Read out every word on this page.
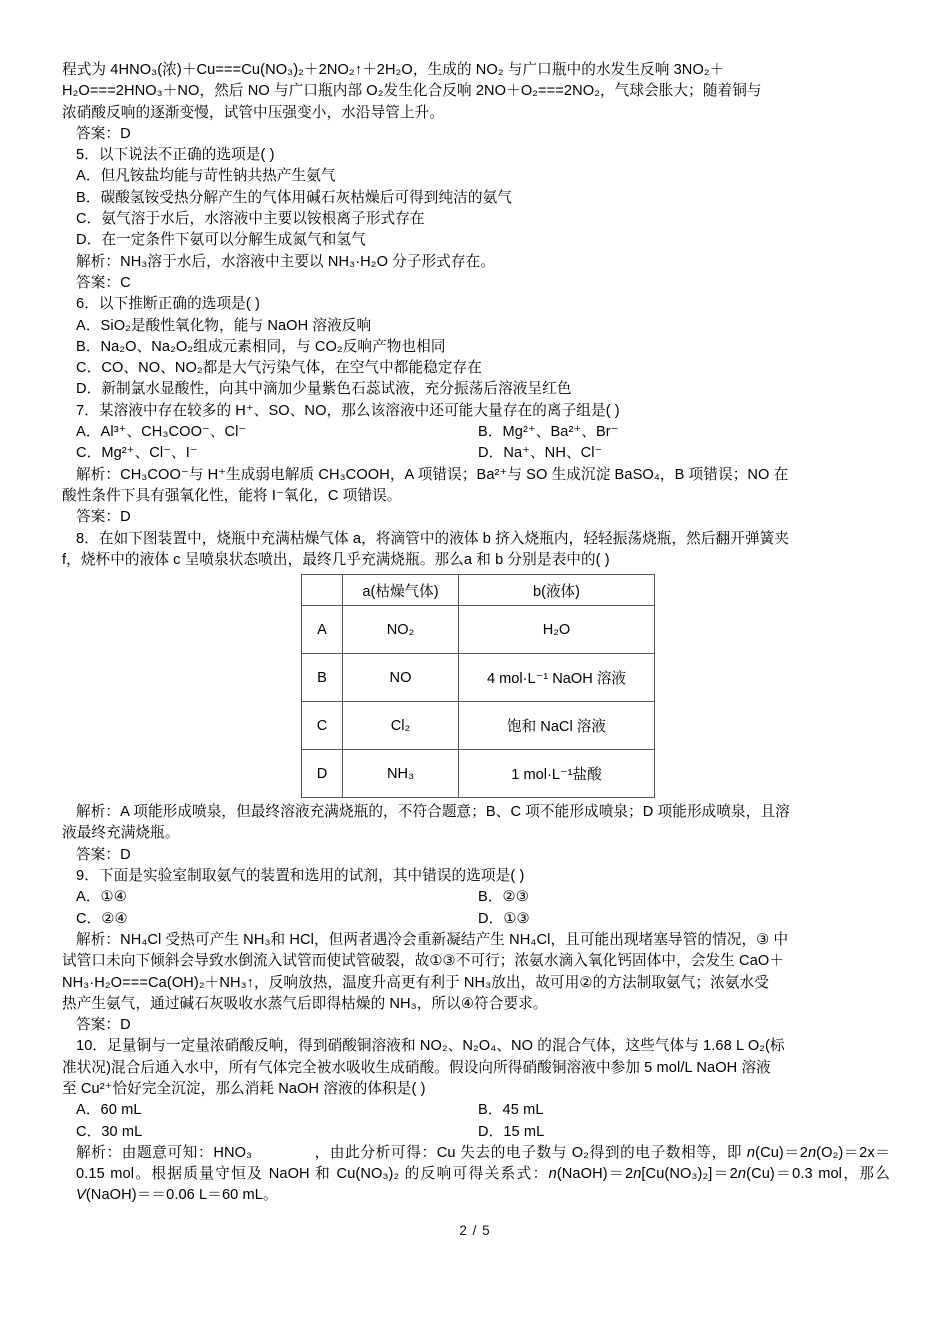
程式为 4HNO₃(浓)＋Cu===Cu(NO₃)₂＋2NO₂↑＋2H₂O，生成的 NO₂ 与广口瓶中的水发生反响 3NO₂＋
H₂O===2HNO₃＋NO，然后 NO 与广口瓶内部 O₂发生化合反响 2NO＋O₂===2NO₂，气球会胀大；随着铜与
浓硝酸反响的逐渐变慢，试管中压强变小，水沿导管上升。
答案：D
5．以下说法不正确的选项是( )
A．但凡铵盐均能与苛性钠共热产生氨气
B．碳酸氢铵受热分解产生的气体用碱石灰枯燥后可得到纯洁的氨气
C．氨气溶于水后，水溶液中主要以铵根离子形式存在
D．在一定条件下氨可以分解生成氮气和氢气
解析：NH₃溶于水后，水溶液中主要以 NH₃·H₂O 分子形式存在。
答案：C
6．以下推断正确的选项是( )
A．SiO₂是酸性氧化物，能与 NaOH 溶液反响
B．Na₂O、Na₂O₂组成元素相同，与 CO₂反响产物也相同
C．CO、NO、NO₂都是大气污染气体，在空气中都能稳定存在
D．新制氯水显酸性，向其中滴加少量紫色石蕊试液，充分振荡后溶液呈红色
7．某溶液中存在较多的 H⁺、SO、NO，那么该溶液中还可能大量存在的离子组是( )
A．Al³⁺、CH₃COO⁻、Cl⁻	B．Mg²⁺、Ba²⁺、Br⁻
C．Mg²⁺、Cl⁻、I⁻	D．Na⁺、NH、Cl⁻
解析：CH₃COO⁻与 H⁺生成弱电解质 CH₃COOH，A 项错误；Ba²⁺与 SO 生成沉淀 BaSO₄，B 项错误；NO 在
酸性条件下具有强氧化性，能将 I⁻氧化，C 项错误。
答案：D
8．在如下图装置中，烧瓶中充满枯燥气体 a，将滴管中的液体 b 挤入烧瓶内，轻轻振荡烧瓶，然后翻开弹簧夹
f，烧杯中的液体 c 呈喷泉状态喷出，最终几乎充满烧瓶。那么a 和 b 分别是表中的( )
	a(枯燥气体)	b(液体)
A	NO₂	H₂O
B	NO	4 mol·L⁻¹ NaOH 溶液
C	Cl₂	饱和 NaCl 溶液
D	NH₃	1 mol·L⁻¹盐酸
解析：A 项能形成喷泉，但最终溶液充满烧瓶的，不符合题意；B、C 项不能形成喷泉；D 项能形成喷泉，且溶
液最终充满烧瓶。
答案：D
9．下面是实验室制取氨气的装置和选用的试剂，其中错误的选项是( )
A．①④	B．②③
C．②④	D．①③
解析：NH₄Cl 受热可产生 NH₃和 HCl，但两者遇冷会重新凝结产生 NH₄Cl，且可能出现堵塞导管的情况，③ 中
试管口未向下倾斜会导致水倒流入试管而使试管破裂，故①③不可行；浓氨水滴入氧化钙固体中，会发生 CaO＋
NH₃·H₂O===Ca(OH)₂＋NH₃↑，反响放热，温度升高更有利于 NH₃放出，故可用②的方法制取氨气；浓氨水受
热产生氨气，通过碱石灰吸收水蒸气后即得枯燥的 NH₃，所以④符合要求。
答案：D
10．足量铜与一定量浓硝酸反响，得到硝酸铜溶液和 NO₂、N₂O₄、NO 的混合气体，这些气体与 1.68 L O₂(标
准状况)混合后通入水中，所有气体完全被水吸收生成硝酸。假设向所得硝酸铜溶液中参加 5 mol/L NaOH 溶液
至 Cu²⁺恰好完全沉淀，那么消耗 NaOH 溶液的体积是( )
A．60 mL	B．45 mL
C．30 mL	D．15 mL
解析：由题意可知：HNO₃	，由此分析可得：Cu 失去的电子数与 O₂得到的电子数相等，即 n(Cu)＝2n(O₂)＝2x＝0.15 mol。根据质量守恒及 NaOH 和 Cu(NO₃)₂ 的反响可得关系式：n(NaOH)＝2n[Cu(NO₃)₂]＝2n(Cu)＝0.3 mol，那么 V(NaOH)＝＝0.06 L＝60 mL。
2 / 5
